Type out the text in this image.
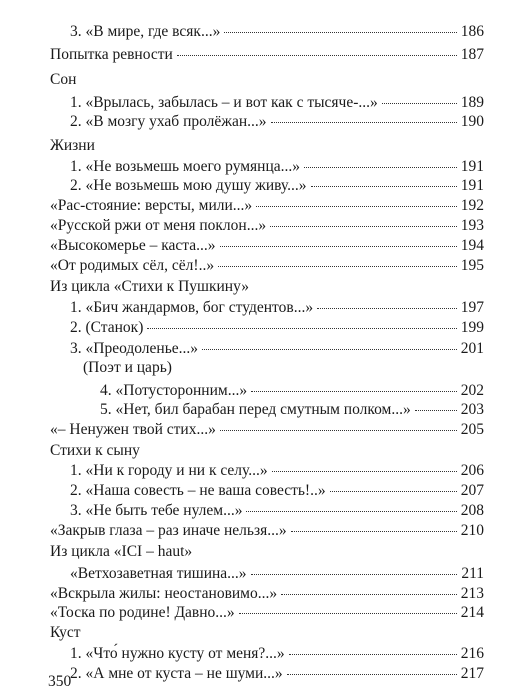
3. «В мире, где всяк...»	186
Попытка ревности	187
Сон
1. «Врылась, забылась – и вот как с тысяче-...»	189
2. «В мозгу ухаб пролёжан...»	190
Жизни
1. «Не возьмешь моего румянца...»	191
2. «Не возьмешь мою душу живу...»	191
«Рас-стояние: версты, мили...»	192
«Русской ржи от меня поклон...»	193
«Высокомерье – каста...»	194
«От родимых сёл, сёл!..»	195
Из цикла «Стихи к Пушкину»
1. «Бич жандармов, бог студентов...»	197
2. (Станок)	199
3. «Преодоленье...»	201
(Поэт и царь)
4. «Потусторонним...»	202
5. «Нет, бил барабан перед смутным полком...»	203
«– Ненужен твой стих...»	205
Стихи к сыну
1. «Ни к городу и ни к селу...»	206
2. «Наша совесть – не ваша совесть!..»	207
3. «Не быть тебе нулем...»	208
«Закрыв глаза – раз иначе нельзя...»	210
Из цикла «ICI – haut»
«Ветхозаветная тишина...»	211
«Вскрыла жилы: неостановимо...»	213
«Тоска по родине! Давно...»	214
Куст
1. «Что́ нужно кусту от меня?...»	216
2. «А мне от куста – не шуми...»	217
350
